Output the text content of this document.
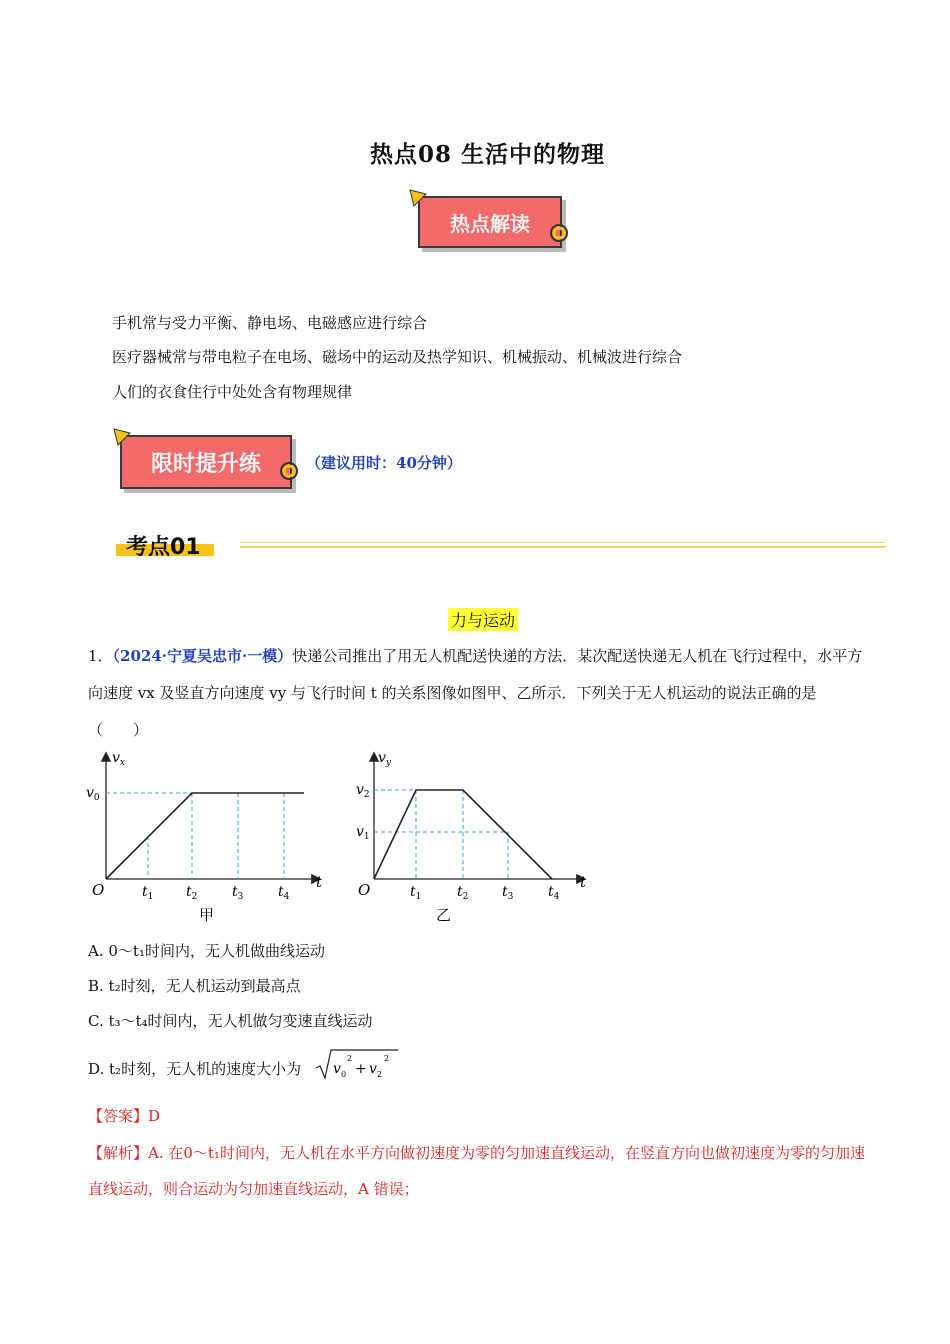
热点08 生活中的物理
热点解读
手机常与受力平衡、静电场、电磁感应进行综合
医疗器械常与带电粒子在电场、磁场中的运动及热学知识、机械振动、机械波进行综合
人们的衣食住行中处处含有物理规律
限时提升练	（建议用时：40分钟）
考点01
力与运动
1．（2024·宁夏吴忠市·一模）快递公司推出了用无人机配送快递的方法．某次配送快递无人机在飞行过程中，水平方向速度 vx 及竖直方向速度 vy 与飞行时间 t 的关系图像如图甲、乙所示．下列关于无人机运动的说法正确的是（　　）
$v_x$
$v_0$
O	t
$t_1$ $t_2$ $t_3$ $t_4$
甲
$v_y$
$v_2$
$v_1$
O	t
$t_1$	$t_2$ $t_3$ $t_4$
乙
A. 0～t₁时间内，无人机做曲线运动
B. t₂时刻，无人机运动到最高点
C. t₃～t₄时间内，无人机做匀变速直线运动
D. t₂时刻，无人机的速度大小为 v 0
2
+ v 2
2
【答案】D
【解析】A. 在0～t₁时间内，无人机在水平方向做初速度为零的匀加速直线运动，在竖直方向也做初速度为零的匀加速直线运动，则合运动为匀加速直线运动，A 错误；
